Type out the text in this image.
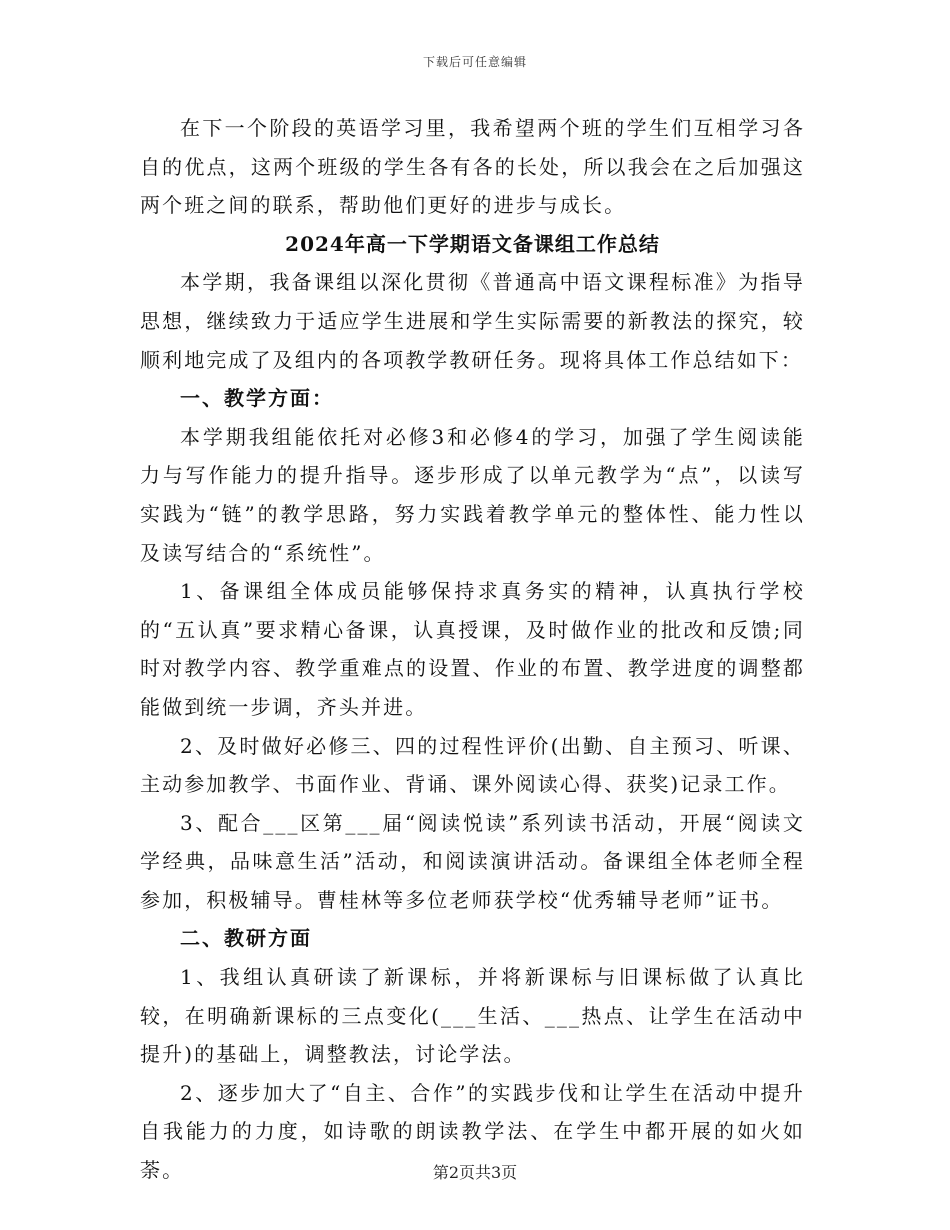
下载后可任意编辑

在下一个阶段的英语学习里，我希望两个班的学生们互相学习各自的优点，这两个班级的学生各有各的长处，所以我会在之后加强这两个班之间的联系，帮助他们更好的进步与成长。

2024年高一下学期语文备课组工作总结

本学期，我备课组以深化贯彻《普通高中语文课程标准》为指导思想，继续致力于适应学生进展和学生实际需要的新教法的探究，较顺利地完成了及组内的各项教学教研任务。现将具体工作总结如下：

一、教学方面：

本学期我组能依托对必修3和必修4的学习，加强了学生阅读能力与写作能力的提升指导。逐步形成了以单元教学为“点”，以读写实践为“链”的教学思路，努力实践着教学单元的整体性、能力性以及读写结合的“系统性”。

1、备课组全体成员能够保持求真务实的精神，认真执行学校的“五认真”要求精心备课，认真授课，及时做作业的批改和反馈;同时对教学内容、教学重难点的设置、作业的布置、教学进度的调整都能做到统一步调，齐头并进。

2、及时做好必修三、四的过程性评价(出勤、自主预习、听课、主动参加教学、书面作业、背诵、课外阅读心得、获奖)记录工作。

3、配合___区第___届“阅读悦读”系列读书活动，开展“阅读文学经典，品味意生活”活动，和阅读演讲活动。备课组全体老师全程参加，积极辅导。曹桂林等多位老师获学校“优秀辅导老师”证书。

二、教研方面

1、我组认真研读了新课标，并将新课标与旧课标做了认真比较，在明确新课标的三点变化(___生活、___热点、让学生在活动中提升)的基础上，调整教法，讨论学法。

2、逐步加大了“自主、合作”的实践步伐和让学生在活动中提升自我能力的力度，如诗歌的朗读教学法、在学生中都开展的如火如荼。	第2页共3页
